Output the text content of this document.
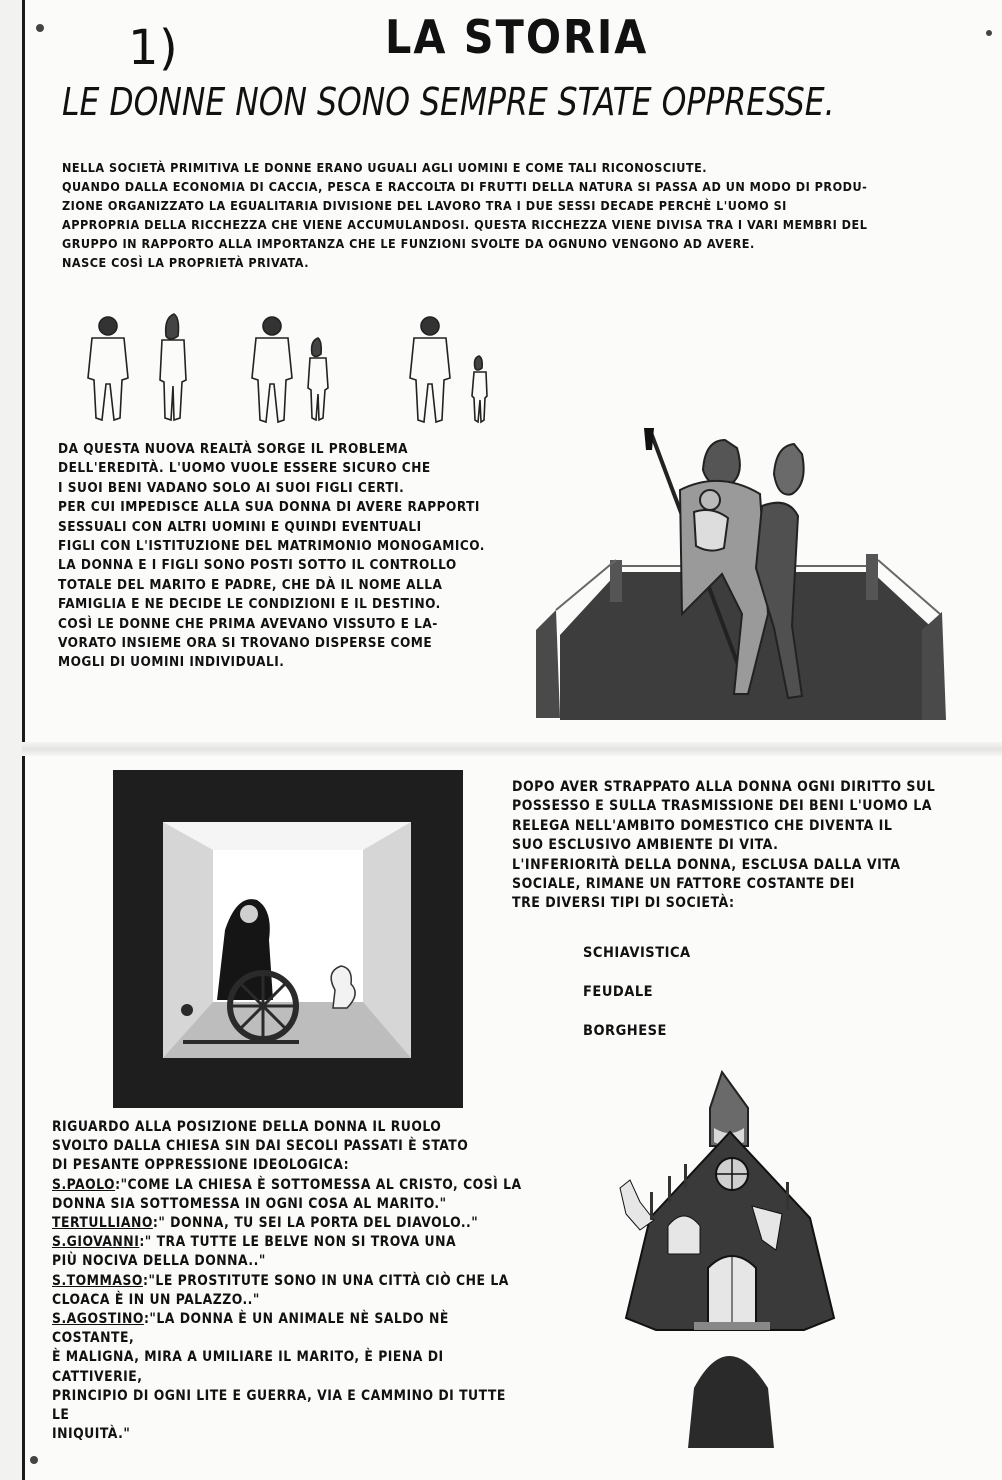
1)	LA STORIA

LE DONNE NON SONO SEMPRE STATE OPPRESSE.

NELLA SOCIETÀ PRIMITIVA LE DONNE ERANO UGUALI AGLI UOMINI E COME TALI RICONOSCIUTE.

QUANDO DALLA ECONOMIA DI CACCIA, PESCA E RACCOLTA DI FRUTTI DELLA NATURA SI PASSA AD UN MODO DI PRODU-

ZIONE ORGANIZZATO LA EGUALITARIA DIVISIONE DEL LAVORO TRA I DUE SESSI DECADE PERCHÈ L'UOMO SI

APPROPRIA DELLA RICCHEZZA CHE VIENE ACCUMULANDOSI. QUESTA RICCHEZZA VIENE DIVISA TRA I VARI MEMBRI DEL

GRUPPO IN RAPPORTO ALLA IMPORTANZA CHE LE FUNZIONI SVOLTE DA OGNUNO VENGONO AD AVERE.

NASCE COSÌ LA PROPRIETÀ PRIVATA.

DA QUESTA NUOVA REALTÀ SORGE IL PROBLEMA

DELL'EREDITÀ. L'UOMO VUOLE ESSERE SICURO CHE

I SUOI BENI VADANO SOLO AI SUOI FIGLI CERTI.

PER CUI IMPEDISCE ALLA SUA DONNA DI AVERE RAPPORTI

SESSUALI CON ALTRI UOMINI E QUINDI EVENTUALI

FIGLI CON L'ISTITUZIONE DEL MATRIMONIO MONOGAMICO.

LA DONNA E I FIGLI SONO POSTI SOTTO IL CONTROLLO

TOTALE DEL MARITO E PADRE, CHE DÀ IL NOME ALLA

FAMIGLIA E NE DECIDE LE CONDIZIONI E IL DESTINO.

COSÌ LE DONNE CHE PRIMA AVEVANO VISSUTO E LA-

VORATO INSIEME ORA SI TROVANO DISPERSE COME

MOGLI DI UOMINI INDIVIDUALI.

DOPO AVER STRAPPATO ALLA DONNA OGNI DIRITTO SUL

POSSESSO E SULLA TRASMISSIONE DEI BENI L'UOMO LA

RELEGA NELL'AMBITO DOMESTICO CHE DIVENTA IL

SUO ESCLUSIVO AMBIENTE DI VITA.

L'INFERIORITÀ DELLA DONNA, ESCLUSA DALLA VITA

SOCIALE, RIMANE UN FATTORE COSTANTE DEI

TRE DIVERSI TIPI DI SOCIETÀ:

SCHIAVISTICA

FEUDALE

BORGHESE

RIGUARDO ALLA POSIZIONE DELLA DONNA IL RUOLO

SVOLTO DALLA CHIESA SIN DAI SECOLI PASSATI È STATO

DI PESANTE OPPRESSIONE IDEOLOGICA:

S.PAOLO:"COME LA CHIESA È SOTTOMESSA AL CRISTO, COSÌ LA

DONNA SIA SOTTOMESSA IN OGNI COSA AL MARITO."

TERTULLIANO:" DONNA, TU SEI LA PORTA DEL DIAVOLO.."

S.GIOVANNI:" TRA TUTTE LE BELVE NON SI TROVA UNA

PIÙ NOCIVA DELLA DONNA.."

S.TOMMASO:"LE PROSTITUTE SONO IN UNA CITTÀ CIÒ CHE LA

CLOACA È IN UN PALAZZO.."

S.AGOSTINO:"LA DONNA È UN ANIMALE NÈ SALDO NÈ COSTANTE,

È MALIGNA, MIRA A UMILIARE IL MARITO, È PIENA DI CATTIVERIE,

PRINCIPIO DI OGNI LITE E GUERRA, VIA E CAMMINO DI TUTTE LE

INIQUITÀ."
